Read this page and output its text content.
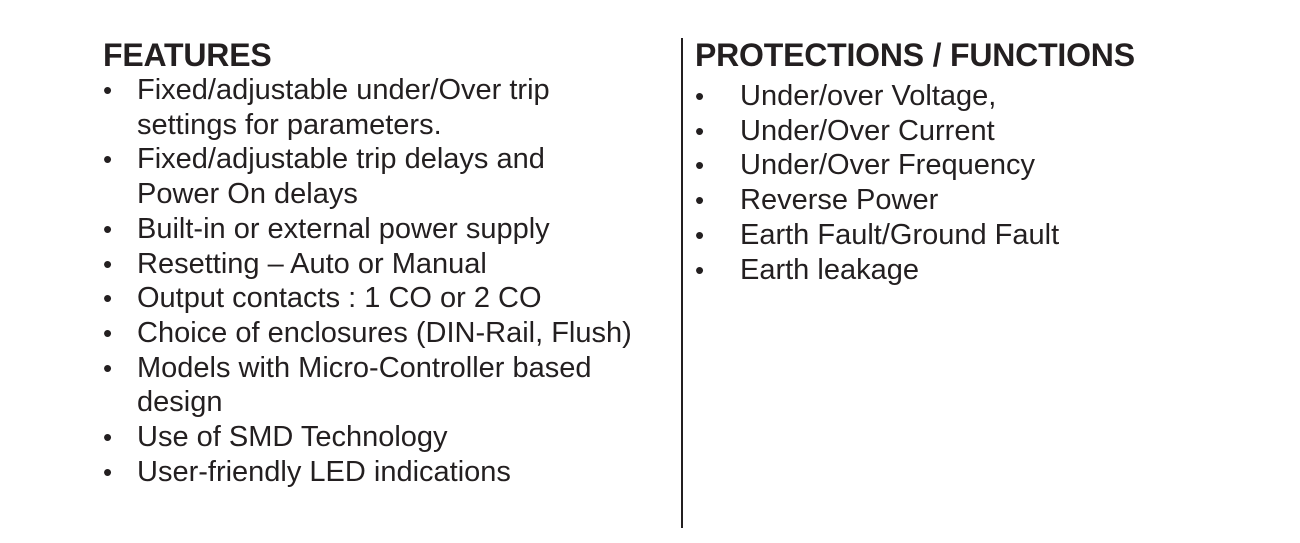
FEATURES
• Fixed/adjustable under/Over trip
settings for parameters.
• Fixed/adjustable trip delays and
Power On delays
• Built-in or external power supply
• Resetting – Auto or Manual
• Output contacts : 1 CO or 2 CO
• Choice of enclosures (DIN-Rail, Flush)
• Models with Micro-Controller based
design
• Use of SMD Technology
• User-friendly LED indications
PROTECTIONS / FUNCTIONS
• Under/over Voltage,
• Under/Over Current
• Under/Over Frequency
• Reverse Power
• Earth Fault/Ground Fault
• Earth leakage
